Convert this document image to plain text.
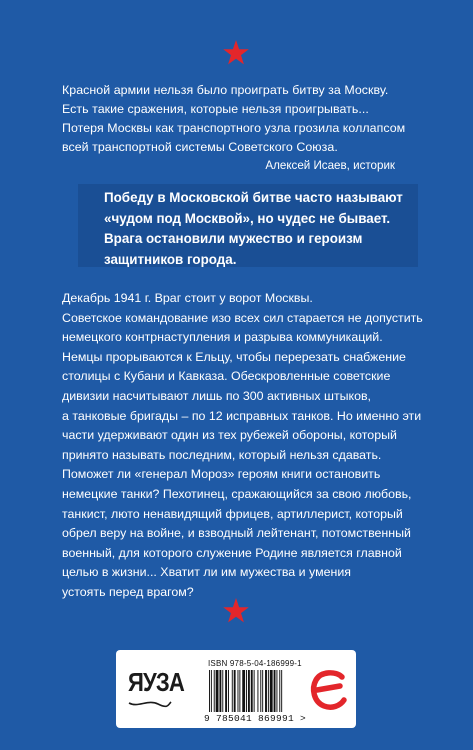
Красной армии нельзя было проиграть битву за Москву.
Есть такие сражения, которые нельзя проигрывать...
Потеря Москвы как транспортного узла грозила коллапсом
всей транспортной системы Советского Союза.
Алексей Исаев, историк
Победу в Московской битве часто называют
«чудом под Москвой», но чудес не бывает.
Врага остановили мужество и героизм
защитников города.
Декабрь 1941 г. Враг стоит у ворот Москвы.
Советское командование изо всех сил старается не допустить
немецкого контрнаступления и разрыва коммуникаций.
Немцы прорываются к Ельцу, чтобы перерезать снабжение
столицы с Кубани и Кавказа. Обескровленные советские
дивизии насчитывают лишь по 300 активных штыков,
а танковые бригады – по 12 исправных танков. Но именно эти
части удерживают один из тех рубежей обороны, который
принято называть последним, который нельзя сдавать.
Поможет ли «генерал Мороз» героям книги остановить
немецкие танки? Пехотинец, сражающийся за свою любовь,
танкист, люто ненавидящий фрицев, артиллерист, который
обрел веру на войне, и взводный лейтенант, потомственный
военный, для которого служение Родине является главной
целью в жизни... Хватит ли им мужества и умения
устоять перед врагом?
ЯУЗА
ISBN 978-5-04-186999-1
9 785041 869991 >
